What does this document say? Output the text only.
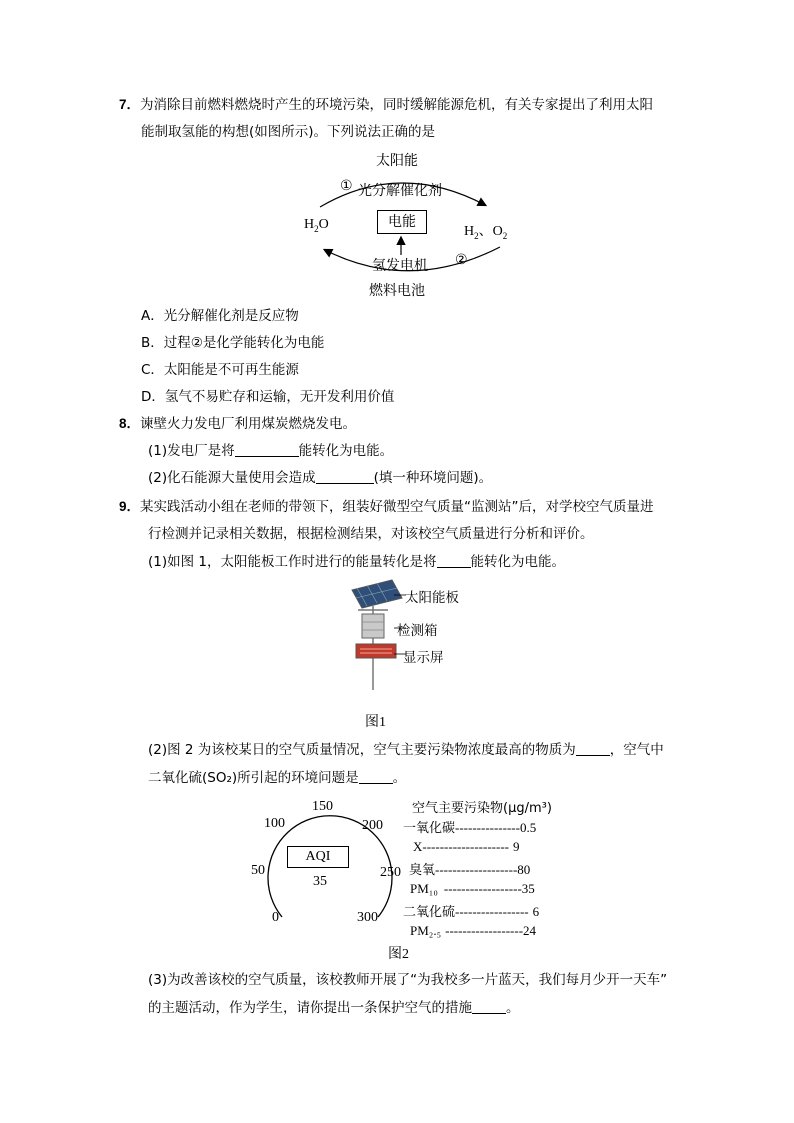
7．为消除目前燃料燃烧时产生的环境污染，同时缓解能源危机，有关专家提出了利用太阳
能制取氢能的构想(如图所示)。下列说法正确的是
太阳能
① 光分解催化剂
$H_2O$	电能
$H_2$、$O_2$
氢发电机 ②
燃料电池
A．光分解催化剂是反应物
B．过程②是化学能转化为电能
C．太阳能是不可再生能源
D．氢气不易贮存和运输，无开发利用价值
8．谏壁火力发电厂利用煤炭燃烧发电。
(1)发电厂是将	能转化为电能。
(2)化石能源大量使用会造成	(填一种环境问题)。
9．某实践活动小组在老师的带领下，组装好微型空气质量“监测站”后，对学校空气质量进
行检测并记录相关数据，根据检测结果，对该校空气质量进行分析和评价。
(1)如图 1，太阳能板工作时进行的能量转化是将	能转化为电能。
太阳能板
检测箱
显示屏
图1
(2)图 2 为该校某日的空气质量情况，空气主要污染物浓度最高的物质为	，空气中
二氧化硫(SO₂)所引起的环境问题是	。
0
50
100
150
200
250
300
AQI
35
空气主要污染物(μg/m³)
一氧化碳---------------0.5
X-------------------- 9
臭氧-------------------80
PM₁₀ ------------------35
二氧化硫----------------- 6
PM₂.₅ ------------------24
图2
(3)为改善该校的空气质量，该校教师开展了“为我校多一片蓝天，我们每月少开一天车”
的主题活动，作为学生，请你提出一条保护空气的措施	。
